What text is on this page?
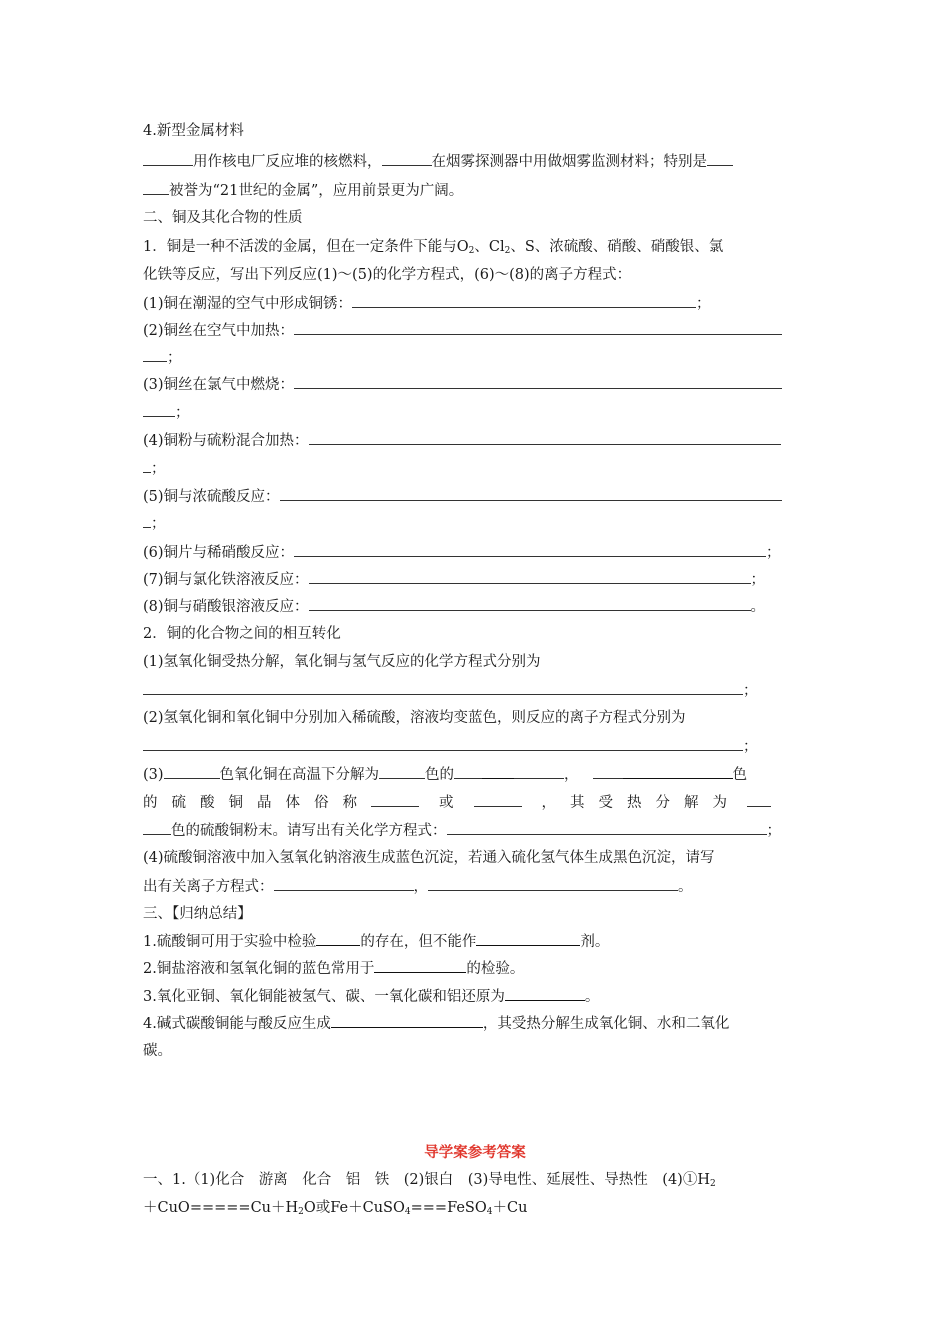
4.新型金属材料
用作核电厂反应堆的核燃料，	在烟雾探测器中用做烟雾监测材料；特别是
被誉为“21世纪的金属”，应用前景更为广阔。
二、铜及其化合物的性质
1．铜是一种不活泼的金属，但在一定条件下能与$O_2$、$Cl_2$、S、浓硫酸、硝酸、硝酸银、氯
化铁等反应，写出下列反应(1)～(5)的化学方程式，(6)～(8)的离子方程式：
(1)铜在潮湿的空气中形成铜锈：	；
(2)铜丝在空气中加热：
；
(3)铜丝在氯气中燃烧：
；
(4)铜粉与硫粉混合加热：
；
(5)铜与浓硫酸反应：
；
(6)铜片与稀硝酸反应：	；
(7)铜与氯化铁溶液反应：	；
(8)铜与硝酸银溶液反应：	。
2．铜的化合物之间的相互转化
(1)氢氧化铜受热分解，氧化铜与氢气反应的化学方程式分别为
；
(2)氢氧化铜和氧化铜中分别加入稀硫酸，溶液均变蓝色，则反应的离子方程式分别为
；
(3)	色氧化铜在高温下分解为	色的	，	色
的硫酸铜晶体俗称	或	，其受热分解为
色的硫酸铜粉末。请写出有关化学方程式：	；
(4)硫酸铜溶液中加入氢氧化钠溶液生成蓝色沉淀，若通入硫化氢气体生成黑色沉淀，请写
出有关离子方程式：	，	。
三、【归纳总结】
1.硫酸铜可用于实验中检验	的存在，但不能作	剂。
2.铜盐溶液和氢氧化铜的蓝色常用于	的检验。
3.氧化亚铜、氧化铜能被氢气、碳、一氧化碳和铝还原为	。
4.碱式碳酸铜能与酸反应生成	，其受热分解生成氧化铜、水和二氧化
碳。
导学案参考答案
一、1.（1)化合　游离　化合　铝　铁　(2)银白　(3)导电性、延展性、导热性　$(4)①H_2$
$+CuO=====Cu+H_2O$或Fe＋CuSO$_4$===FeSO$_4$＋Cu
